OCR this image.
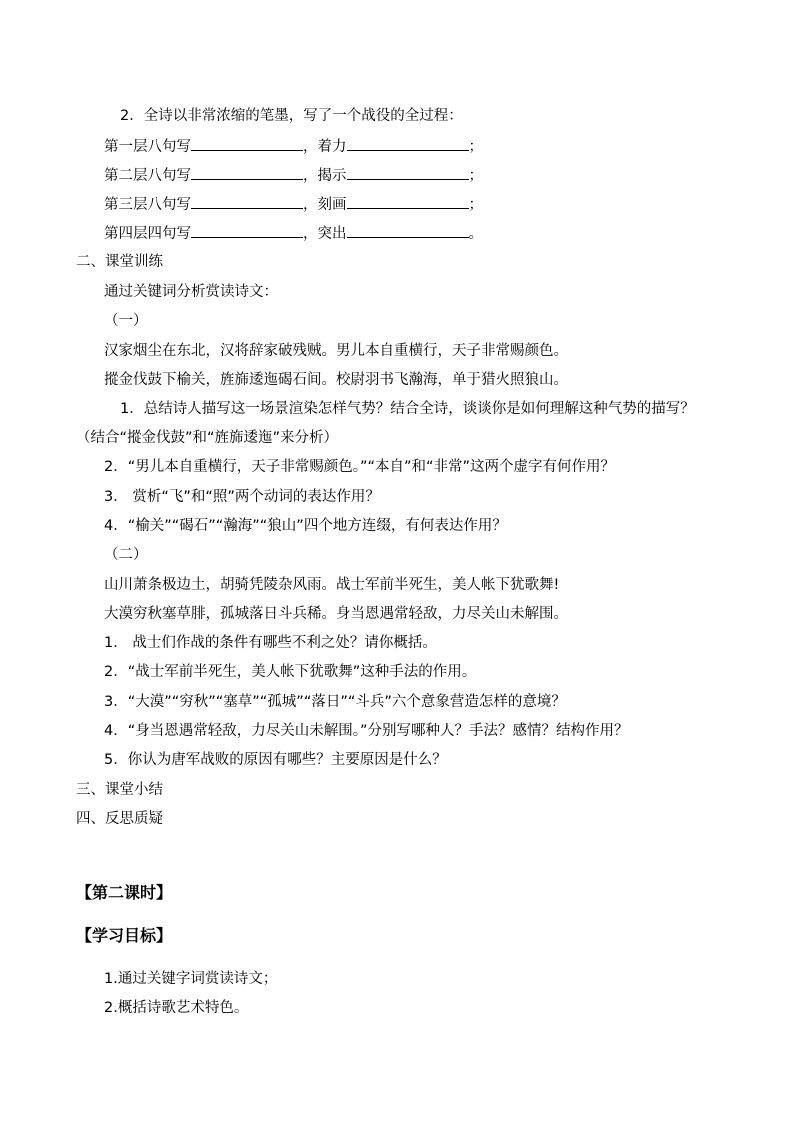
2．全诗以非常浓缩的笔墨，写了一个战役的全过程：
第一层八句写	，着力	；
第二层八句写	，揭示	；
第三层八句写	，刻画	；
第四层四句写	，突出	。
二、课堂训练
通过关键词分析赏读诗文：
（一）
汉家烟尘在东北，汉将辞家破残贼。男儿本自重横行，天子非常赐颜色。
摐金伐鼓下榆关，旌旆逶迤碣石间。校尉羽书飞瀚海，单于猎火照狼山。
1．总结诗人描写这一场景渲染怎样气势？结合全诗，谈谈你是如何理解这种气势的描写？
（结合“摐金伐鼓”和“旌旆逶迤”来分析）
2．“男儿本自重横行，天子非常赐颜色。”“本自”和“非常”这两个虚字有何作用？
3． 赏析“飞”和“照”两个动词的表达作用？
4．“榆关”“碣石”“瀚海”“狼山”四个地方连缀，有何表达作用？
（二）
山川萧条极边土，胡骑凭陵杂风雨。战士军前半死生，美人帐下犹歌舞!
大漠穷秋塞草腓，孤城落日斗兵稀。身当恩遇常轻敌，力尽关山未解围。
1． 战士们作战的条件有哪些不利之处？请你概括。
2．“战士军前半死生，美人帐下犹歌舞”这种手法的作用。
3．“大漠”“穷秋”“塞草”“孤城”“落日”“斗兵”六个意象营造怎样的意境？
4．“身当恩遇常轻敌，力尽关山未解围。”分别写哪种人？手法？感情？结构作用？
5．你认为唐军战败的原因有哪些？主要原因是什么？
三、课堂小结
四、反思质疑
【第二课时】
【学习目标】
1.通过关键字词赏读诗文；
2.概括诗歌艺术特色。
